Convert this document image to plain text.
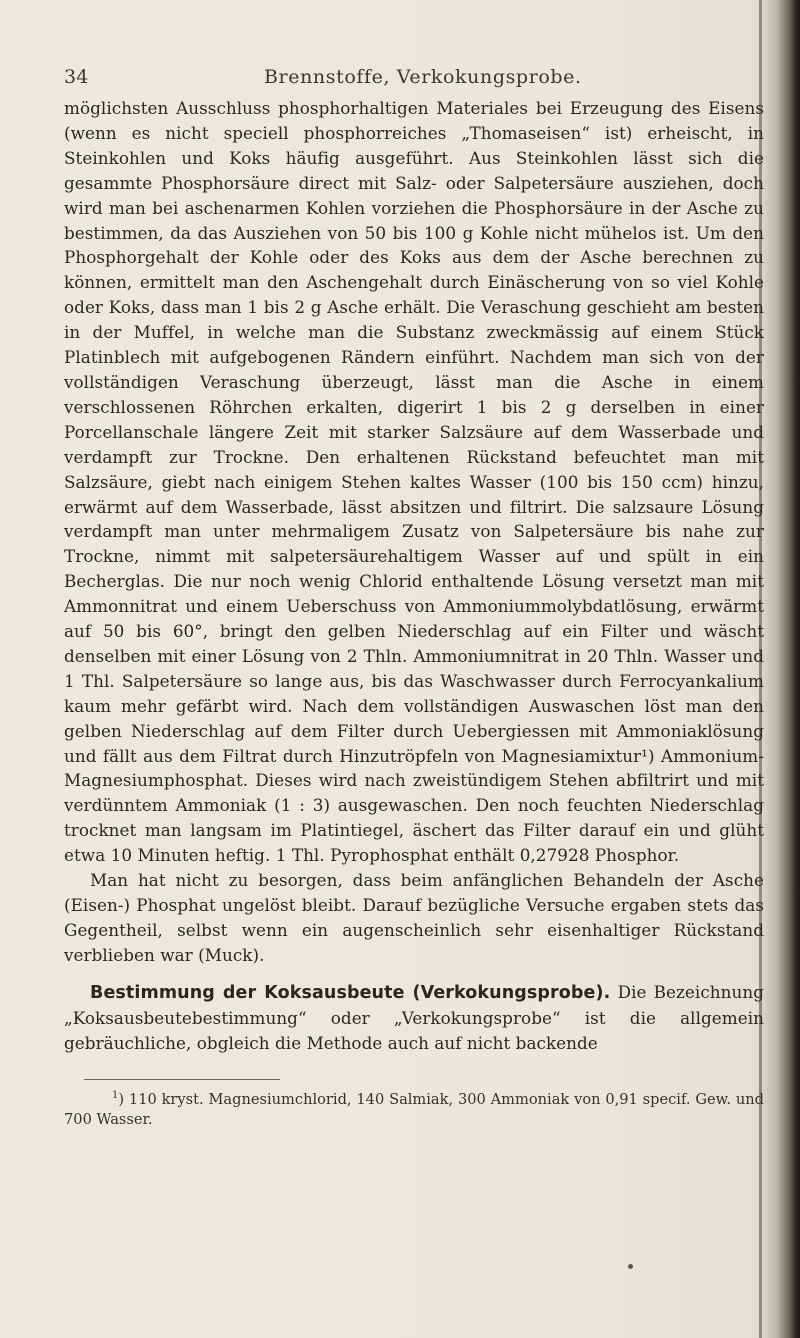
34	Brennstoffe, Verkokungsprobe.

möglichsten Ausschluss phosphorhaltigen Materiales bei Erzeugung des Eisens (wenn es nicht speciell phosphorreiches „Thomaseisen“ ist) erheischt, in Steinkohlen und Koks häufig ausgeführt. Aus Steinkohlen lässt sich die gesammte Phosphorsäure direct mit Salz- oder Salpetersäure ausziehen, doch wird man bei aschenarmen Kohlen vorziehen die Phosphorsäure in der Asche zu bestimmen, da das Ausziehen von 50 bis 100 g Kohle nicht mühelos ist. Um den Phosphorgehalt der Kohle oder des Koks aus dem der Asche berechnen zu können, ermittelt man den Aschengehalt durch Einäscherung von so viel Kohle oder Koks, dass man 1 bis 2 g Asche erhält. Die Veraschung geschieht am besten in der Muffel, in welche man die Substanz zweckmässig auf einem Stück Platinblech mit aufgebogenen Rändern einführt. Nachdem man sich von der vollständigen Veraschung überzeugt, lässt man die Asche in einem verschlossenen Röhrchen erkalten, digerirt 1 bis 2 g derselben in einer Porcellanschale längere Zeit mit starker Salzsäure auf dem Wasserbade und verdampft zur Trockne. Den erhaltenen Rückstand befeuchtet man mit Salzsäure, giebt nach einigem Stehen kaltes Wasser (100 bis 150 ccm) hinzu, erwärmt auf dem Wasserbade, lässt absitzen und filtrirt. Die salzsaure Lösung verdampft man unter mehrmaligem Zusatz von Salpetersäure bis nahe zur Trockne, nimmt mit salpetersäurehaltigem Wasser auf und spült in ein Becherglas. Die nur noch wenig Chlorid enthaltende Lösung versetzt man mit Ammonnitrat und einem Ueberschuss von Ammoniummolybdatlösung, erwärmt auf 50 bis 60°, bringt den gelben Niederschlag auf ein Filter und wäscht denselben mit einer Lösung von 2 Thln. Ammoniumnitrat in 20 Thln. Wasser und 1 Thl. Salpetersäure so lange aus, bis das Waschwasser durch Ferrocyankalium kaum mehr gefärbt wird. Nach dem vollständigen Auswaschen löst man den gelben Niederschlag auf dem Filter durch Uebergiessen mit Ammoniaklösung und fällt aus dem Filtrat durch Hinzutröpfeln von Magnesiamixtur¹) Ammonium-Magnesiumphosphat. Dieses wird nach zweistündigem Stehen abfiltrirt und mit verdünntem Ammoniak (1 : 3) ausgewaschen. Den noch feuchten Niederschlag trocknet man langsam im Platintiegel, äschert das Filter darauf ein und glüht etwa 10 Minuten heftig. 1 Thl. Pyrophosphat enthält 0,27928 Phosphor.

Man hat nicht zu besorgen, dass beim anfänglichen Behandeln der Asche (Eisen-) Phosphat ungelöst bleibt. Darauf bezügliche Versuche ergaben stets das Gegentheil, selbst wenn ein augenscheinlich sehr eisenhaltiger Rückstand verblieben war (Muck).

Bestimmung der Koksausbeute (Verkokungsprobe). Die Bezeichnung „Koksausbeutebestimmung“ oder „Verkokungsprobe“ ist die allgemein gebräuchliche, obgleich die Methode auch auf nicht backende

$^1$) 110 kryst. Magnesiumchlorid, 140 Salmiak, 300 Ammoniak von 0,91 specif. Gew. und 700 Wasser.
